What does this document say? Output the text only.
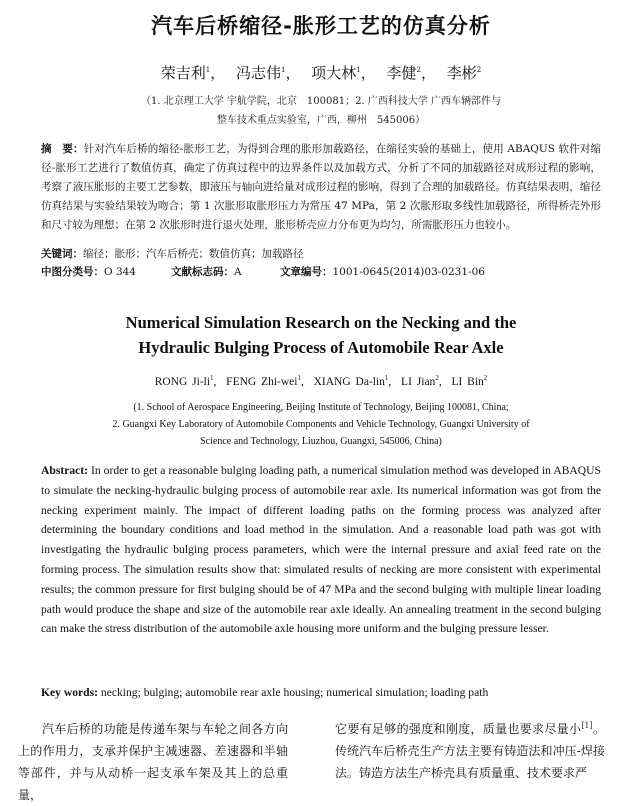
汽车后桥缩径-胀形工艺的仿真分析
荣吉利$^1$， 冯志伟$^1$， 项大林$^1$， 李健$^2$， 李彬$^2$
（1. 北京理工大学 宇航学院，北京　100081；2. 广西科技大学 广西车辆部件与
整车技术重点实验室，广西，柳州　545006）
摘　要：针对汽车后桥的缩径-胀形工艺，为得到合理的胀形加载路径，在缩径实验的基础上，使用 ABAQUS 软件对缩径-胀形工艺进行了数值仿真，确定了仿真过程中的边界条件以及加载方式，分析了不同的加载路径对成形过程的影响，考察了液压胀形的主要工艺参数，即液压与轴向进给量对成形过程的影响，得到了合理的加载路径。仿真结果表明，缩径仿真结果与实验结果较为吻合；第 1 次胀形取胀形压力为常压 47 MPa，第 2 次胀形取多线性加载路径，所得桥壳外形和尺寸较为理想；在第 2 次胀形时进行退火处理，胀形桥壳应力分布更为均匀，所需胀形压力也较小。
关键词：缩径；胀形；汽车后桥壳；数值仿真；加载路径
中图分类号：O 344	文献标志码：A	文章编号：1001-0645(2014)03-0231-06
Numerical Simulation Research on the Necking and the
Hydraulic Bulging Process of Automobile Rear Axle
RONG $Ji-li^1$,  FENG Zhi-wei$^1$,  XIANG Da-lin$^1$,  LI Jian$^2$,  LI Bin$^2$
(1. School of Aerospace Engineering, Beijing Institute of Technology, Beijing 100081, China;
2. Guangxi Key Laboratory of Automobile Components and Vehicle Technology, Guangxi University of
Science and Technology, Liuzhou, Guangxi, 545006, China)
Abstract: In order to get a reasonable bulging loading path, a numerical simulation method was developed in ABAQUS to simulate the necking-hydraulic bulging process of automobile rear axle. Its numerical information was got from the necking experiment mainly. The impact of different loading paths on the forming process was analyzed after determining the boundary conditions and load method in the simulation. And a reasonable load path was got with investigating the hydraulic bulging process parameters, which were the internal pressure and axial feed rate on the forming process. The simulation results show that: simulated results of necking are more consistent with experimental results; the common pressure for first bulging should be of 47 MPa and the second bulging with multiple linear loading path would produce the shape and size of the automobile rear axle ideally. An annealing treatment in the second bulging can make the stress distribution of the automobile axle housing more uniform and the bulging pressure lesser.
Key words: necking; bulging; automobile rear axle housing; numerical simulation; loading path
汽车后桥的功能是传递车架与车轮之间各方向上的作用力，支承并保护主减速器、差速器和半轴等部件，并与从动桥一起支承车架及其上的总重量，
它要有足够的强度和刚度，质量也要求尽量小[1]。传统汽车后桥壳生产方法主要有铸造法和冲压-焊接法。铸造方法生产桥壳具有质量重、技术要求严
